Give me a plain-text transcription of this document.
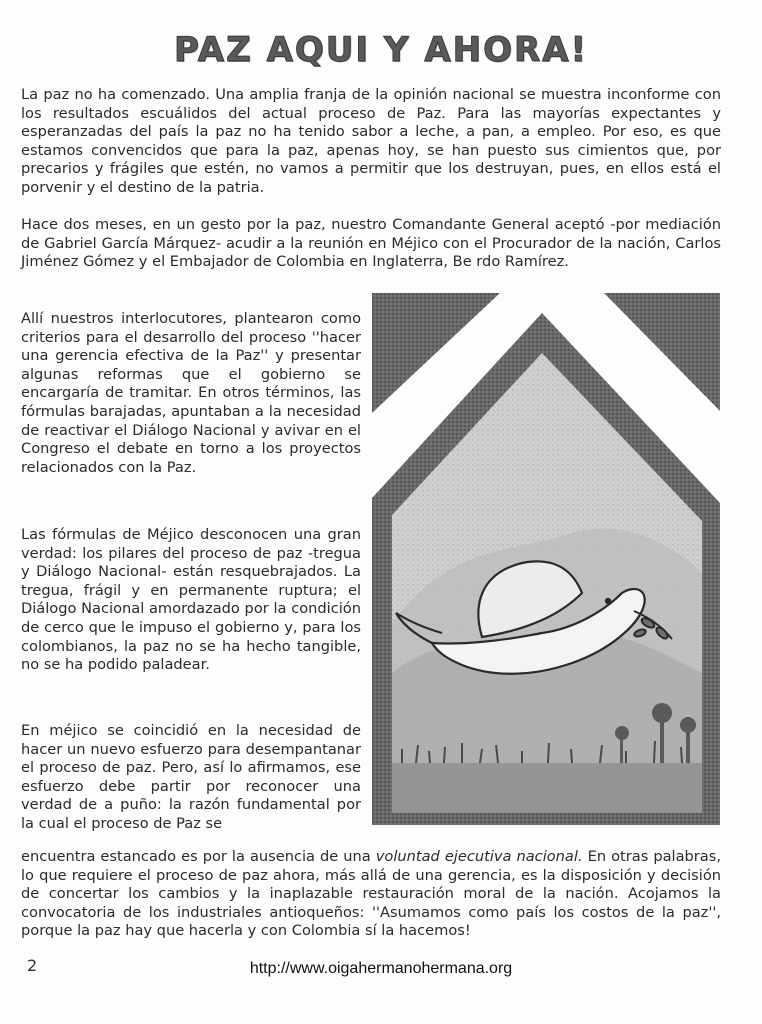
PAZ AQUI Y AHORA!

La paz no ha comenzado. Una amplia franja de la opinión nacional se muestra inconforme con los resultados escuálidos del actual proceso de Paz. Para las mayorías expectantes y esperanzadas del país la paz no ha tenido sabor a leche, a pan, a empleo. Por eso, es que estamos convencidos que para la paz, apenas hoy, se han puesto sus cimientos que, por precarios y frágiles que estén, no vamos a permitir que los destruyan, pues, en ellos está el porvenir y el destino de la patria.

Hace dos meses, en un gesto por la paz, nuestro Comandante General aceptó -por mediación de Gabriel García Márquez- acudir a la reunión en Méjico con el Procurador de la nación, Carlos Jiménez Gómez y el Embajador de Colombia en Inglaterra, Be rdo Ramírez.

Allí nuestros interlocutores, plantearon como criterios para el desarrollo del proceso ''hacer una gerencia efectiva de la Paz'' y presentar algunas reformas que el gobierno se encargaría de tramitar. En otros términos, las fórmulas barajadas, apuntaban a la necesidad de reactivar el Diálogo Nacional y avivar en el Congreso el debate en torno a los proyectos relacionados con la Paz.

Las fórmulas de Méjico desconocen una gran verdad: los pilares del proceso de paz -tregua y Diálogo Nacional- están resquebrajados. La tregua, frágil y en permanente ruptura; el Diálogo Nacional amordazado por la condición de cerco que le impuso el gobierno y, para los colombianos, la paz no se ha hecho tangible, no se ha podido paladear.

En méjico se coincidió en la necesidad de hacer un nuevo esfuerzo para desempantanar el proceso de paz. Pero, así lo afirmamos, ese esfuerzo debe partir por reconocer una verdad de a puño: la razón fundamental por la cual el proceso de Paz se

encuentra estancado es por la ausencia de una voluntad ejecutiva nacional. En otras palabras, lo que requiere el proceso de paz ahora, más allá de una gerencia, es la disposición y decisión de concertar los cambios y la inaplazable restauración moral de la nación. Acojamos la convocatoria de los industriales antioqueños: ''Asumamos como país los costos de la paz'', porque la paz hay que hacerla y con Colombia sí la hacemos!

2	http://www.oigahermanohermana.org
